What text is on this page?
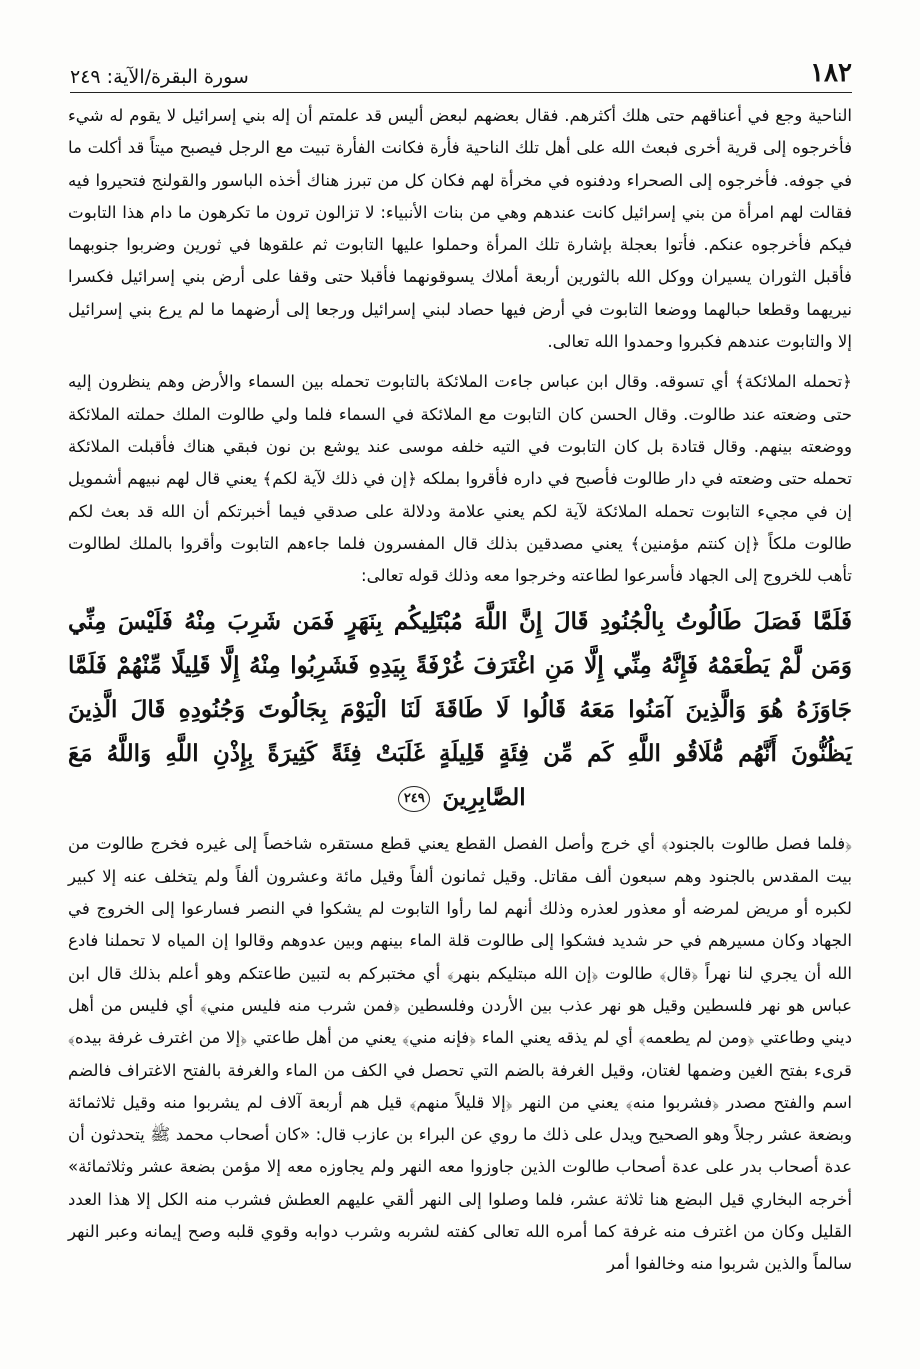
١٨٢
سورة البقرة/الآية: ٢٤٩

الناحية وجع في أعناقهم حتى هلك أكثرهم. فقال بعضهم لبعض أليس قد علمتم أن إله بني إسرائيل لا يقوم له شيء فأخرجوه إلى قرية أخرى فبعث الله على أهل تلك الناحية فأرة فكانت الفأرة تبيت مع الرجل فيصبح ميتاً قد أكلت ما في جوفه. فأخرجوه إلى الصحراء ودفنوه في مخرأة لهم فكان كل من تبرز هناك أخذه الباسور والقولنج فتحيروا فيه فقالت لهم امرأة من بني إسرائيل كانت عندهم وهي من بنات الأنبياء: لا تزالون ترون ما تكرهون ما دام هذا التابوت فيكم فأخرجوه عنكم. فأتوا بعجلة بإشارة تلك المرأة وحملوا عليها التابوت ثم علقوها في ثورين وضربوا جنوبهما فأقبل الثوران يسيران ووكل الله بالثورين أربعة أملاك يسوقونهما فأقبلا حتى وقفا على أرض بني إسرائيل فكسرا نيريهما وقطعا حبالهما ووضعا التابوت في أرض فيها حصاد لبني إسرائيل ورجعا إلى أرضهما ما لم يرع بني إسرائيل إلا والتابوت عندهم فكبروا وحمدوا الله تعالى.

﴿تحمله الملائكة﴾ أي تسوقه. وقال ابن عباس جاءت الملائكة بالتابوت تحمله بين السماء والأرض وهم ينظرون إليه حتى وضعته عند طالوت. وقال الحسن كان التابوت مع الملائكة في السماء فلما ولي طالوت الملك حملته الملائكة ووضعته بينهم. وقال قتادة بل كان التابوت في التيه خلفه موسى عند يوشع بن نون فبقي هناك فأقبلت الملائكة تحمله حتى وضعته في دار طالوت فأصبح في داره فأقروا بملكه ﴿إن في ذلك لآية لكم﴾ يعني قال لهم نبيهم أشمويل إن في مجيء التابوت تحمله الملائكة لآية لكم يعني علامة ودلالة على صدقي فيما أخبرتكم أن الله قد بعث لكم طالوت ملكاً ﴿إن كنتم مؤمنين﴾ يعني مصدقين بذلك قال المفسرون فلما جاءهم التابوت وأقروا بالملك لطالوت تأهب للخروج إلى الجهاد فأسرعوا لطاعته وخرجوا معه وذلك قوله تعالى:

فَلَمَّا فَصَلَ طَالُوتُ بِالْجُنُودِ قَالَ إِنَّ اللَّهَ مُبْتَلِيكُم بِنَهَرٍ فَمَن شَرِبَ مِنْهُ فَلَيْسَ مِنِّي وَمَن لَّمْ يَطْعَمْهُ فَإِنَّهُ مِنِّي إِلَّا مَنِ اغْتَرَفَ غُرْفَةً بِيَدِهِ فَشَرِبُوا مِنْهُ إِلَّا قَلِيلًا مِّنْهُمْ فَلَمَّا جَاوَزَهُ هُوَ وَالَّذِينَ آمَنُوا مَعَهُ قَالُوا لَا طَاقَةَ لَنَا الْيَوْمَ بِجَالُوتَ وَجُنُودِهِ قَالَ الَّذِينَ يَظُنُّونَ أَنَّهُم مُّلَاقُو اللَّهِ كَم مِّن فِئَةٍ قَلِيلَةٍ غَلَبَتْ فِئَةً كَثِيرَةً بِإِذْنِ اللَّهِ وَاللَّهُ مَعَ الصَّابِرِينَ ٢٤٩

﴿فلما فصل طالوت بالجنود﴾ أي خرج وأصل الفصل القطع يعني قطع مستقره شاخصاً إلى غيره فخرج طالوت من بيت المقدس بالجنود وهم سبعون ألف مقاتل. وقيل ثمانون ألفاً وقيل مائة وعشرون ألفاً ولم يتخلف عنه إلا كبير لكبره أو مريض لمرضه أو معذور لعذره وذلك أنهم لما رأوا التابوت لم يشكوا في النصر فسارعوا إلى الخروج في الجهاد وكان مسيرهم في حر شديد فشكوا إلى طالوت قلة الماء بينهم وبين عدوهم وقالوا إن المياه لا تحملنا فادع الله أن يجري لنا نهراً ﴿قال﴾ طالوت ﴿إن الله مبتليكم بنهر﴾ أي مختبركم به لتبين طاعتكم وهو أعلم بذلك قال ابن عباس هو نهر فلسطين وقيل هو نهر عذب بين الأردن وفلسطين ﴿فمن شرب منه فليس مني﴾ أي فليس من أهل ديني وطاعتي ﴿ومن لم يطعمه﴾ أي لم يذقه يعني الماء ﴿فإنه مني﴾ يعني من أهل طاعتي ﴿إلا من اغترف غرفة بيده﴾ قرىء بفتح الغين وضمها لغتان، وقيل الغرفة بالضم التي تحصل في الكف من الماء والغرفة بالفتح الاغتراف فالضم اسم والفتح مصدر ﴿فشربوا منه﴾ يعني من النهر ﴿إلا قليلاً منهم﴾ قيل هم أربعة آلاف لم يشربوا منه وقيل ثلاثمائة وبضعة عشر رجلاً وهو الصحيح ويدل على ذلك ما روي عن البراء بن عازب قال: «كان أصحاب محمد ﷺ يتحدثون أن عدة أصحاب بدر على عدة أصحاب طالوت الذين جاوزوا معه النهر ولم يجاوزه معه إلا مؤمن بضعة عشر وثلاثمائة» أخرجه البخاري قيل البضع هنا ثلاثة عشر، فلما وصلوا إلى النهر ألقي عليهم العطش فشرب منه الكل إلا هذا العدد القليل وكان من اغترف منه غرفة كما أمره الله تعالى كفته لشربه وشرب دوابه وقوي قلبه وصح إيمانه وعبر النهر سالماً والذين شربوا منه وخالفوا أمر
